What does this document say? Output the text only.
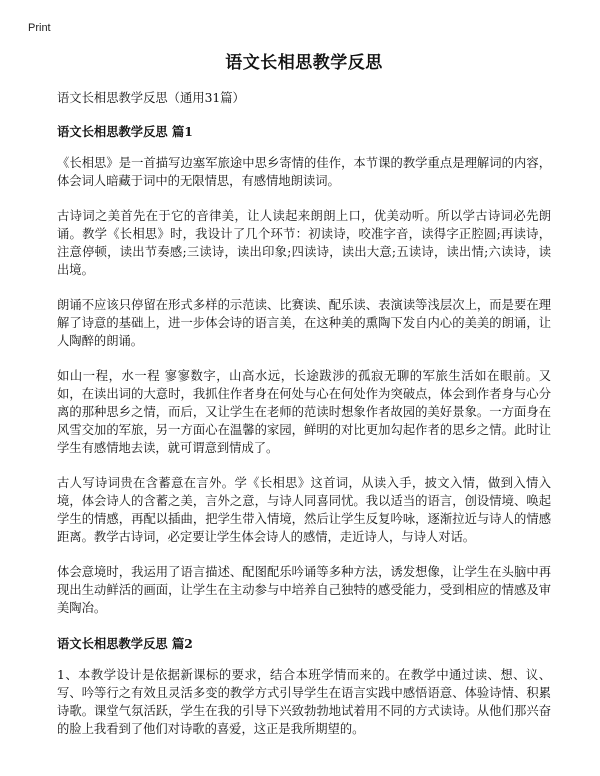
Print
语文长相思教学反思
语文长相思教学反思（通用31篇）
语文长相思教学反思 篇1

《长相思》是一首描写边塞军旅途中思乡寄情的佳作，本节课的教学重点是理解词的内容，体会词人暗藏于词中的无限情思，有感情地朗读词。

古诗词之美首先在于它的音律美，让人读起来朗朗上口，优美动听。所以学古诗词必先朗诵。教学《长相思》时，我设计了几个环节：初读诗，咬准字音，读得字正腔圆;再读诗，注意停顿，读出节奏感;三读诗，读出印象;四读诗，读出大意;五读诗，读出情;六读诗，读出境。

朗诵不应该只停留在形式多样的示范读、比赛读、配乐读、表演读等浅层次上，而是要在理解了诗意的基础上，进一步体会诗的语言美，在这种美的熏陶下发自内心的美美的朗诵，让人陶醉的朗诵。

如山一程，水一程 寥寥数字，山高水远，长途跋涉的孤寂无聊的军旅生活如在眼前。又如，在读出词的大意时，我抓住作者身在何处与心在何处作为突破点，体会到作者身与心分离的那种思乡之情，而后，又让学生在老师的范读时想象作者故园的美好景象。一方面身在风雪交加的军旅，另一方面心在温馨的家园，鲜明的对比更加勾起作者的思乡之情。此时让学生有感情地去读，就可谓意到情成了。

古人写诗词贵在含蓄意在言外。学《长相思》这首词，从读入手，披文入情，做到入情入境，体会诗人的含蓄之美，言外之意，与诗人同喜同忧。我以适当的语言，创设情境、唤起学生的情感，再配以插曲，把学生带入情境，然后让学生反复吟咏，逐渐拉近与诗人的情感距离。教学古诗词，必定要让学生体会诗人的感情，走近诗人，与诗人对话。

体会意境时，我运用了语言描述、配图配乐吟诵等多种方法，诱发想像，让学生在头脑中再现出生动鲜活的画面，让学生在主动参与中培养自己独特的感受能力，受到相应的情感及审美陶冶。

语文长相思教学反思 篇2

1、本教学设计是依据新课标的要求，结合本班学情而来的。在教学中通过读、想、议、写、吟等行之有效且灵活多变的教学方式引导学生在语言实践中感悟语意、体验诗情、积累诗歌。课堂气氛活跃，学生在我的引导下兴致勃勃地试着用不同的方式读诗。从他们那兴奋的脸上我看到了他们对诗歌的喜爱，这正是我所期望的。
